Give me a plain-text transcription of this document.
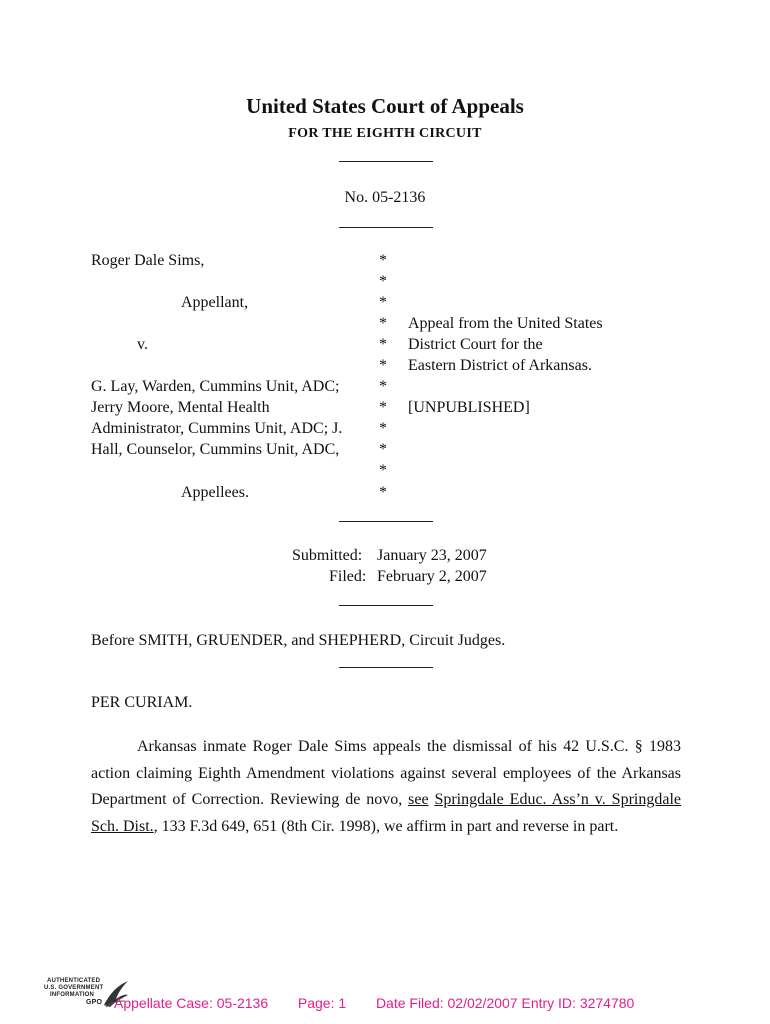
United States Court of Appeals
FOR THE EIGHTH CIRCUIT
No. 05-2136
Roger Dale Sims,
Appellant,
v.
G. Lay, Warden, Cummins Unit, ADC;
Jerry Moore, Mental Health
Administrator, Cummins Unit, ADC; J.
Hall, Counselor, Cummins Unit, ADC,
Appellees.
*
*
*
*
*
*
*
*
*
*
*
*
Appeal from the United States
District Court for the
Eastern District of Arkansas.
[UNPUBLISHED]
Submitted: January 23, 2007
Filed: February 2, 2007
Before SMITH, GRUENDER, and SHEPHERD, Circuit Judges.
PER CURIAM.

Arkansas inmate Roger Dale Sims appeals the dismissal of his 42 U.S.C. § 1983 action claiming Eighth Amendment violations against several employees of the Arkansas Department of Correction. Reviewing de novo, see Springdale Educ. Ass’n v. Springdale Sch. Dist., 133 F.3d 649, 651 (8th Cir. 1998), we affirm in part and reverse in part.

AUTHENTICATED
U.S. GOVERNMENT
INFORMATION
GPO Appellate Case: 05-2136 Page: 1 Date Filed: 02/02/2007 Entry ID: 3274780
